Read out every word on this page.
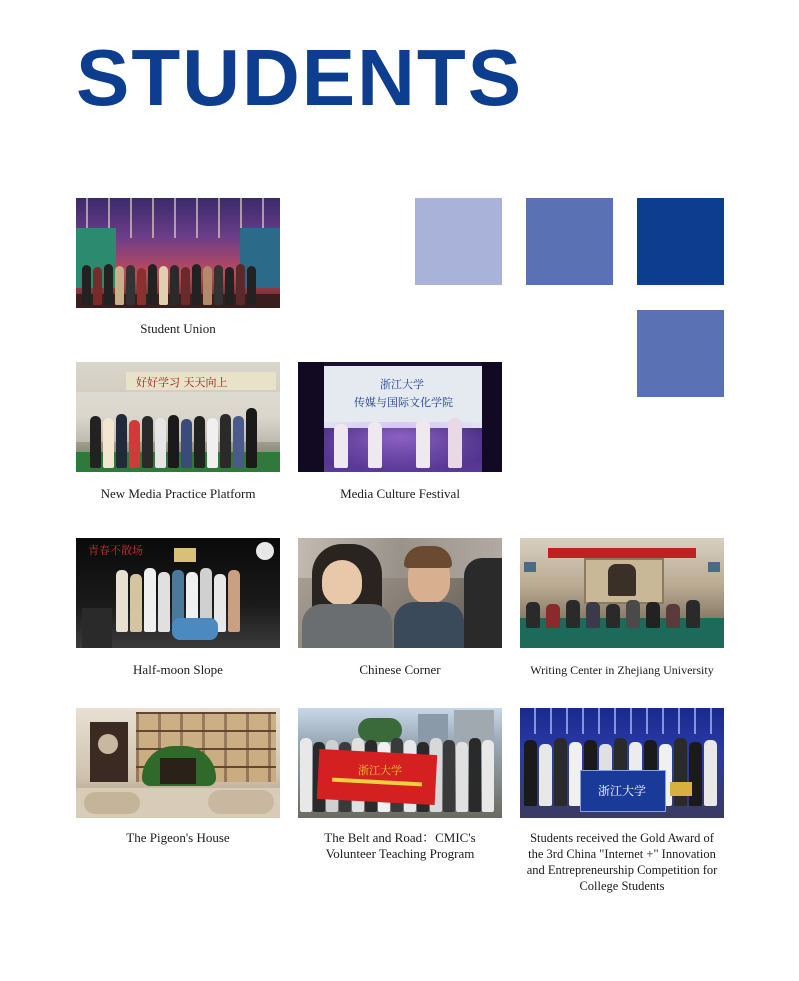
STUDENTS
Student Union
好好学习 天天向上
New Media Practice Platform
浙江大学
传媒与国际文化学院
Media Culture Festival
青春不散场
Half-moon Slope	Chinese Corner	Writing Center in Zhejiang University
The Pigeon's House
浙江大学
The Belt and Road：CMIC's
Volunteer Teaching Program
浙江大学
Students received the Gold Award of
the 3rd China "Internet +" Innovation
and Entrepreneurship Competition for
College Students
